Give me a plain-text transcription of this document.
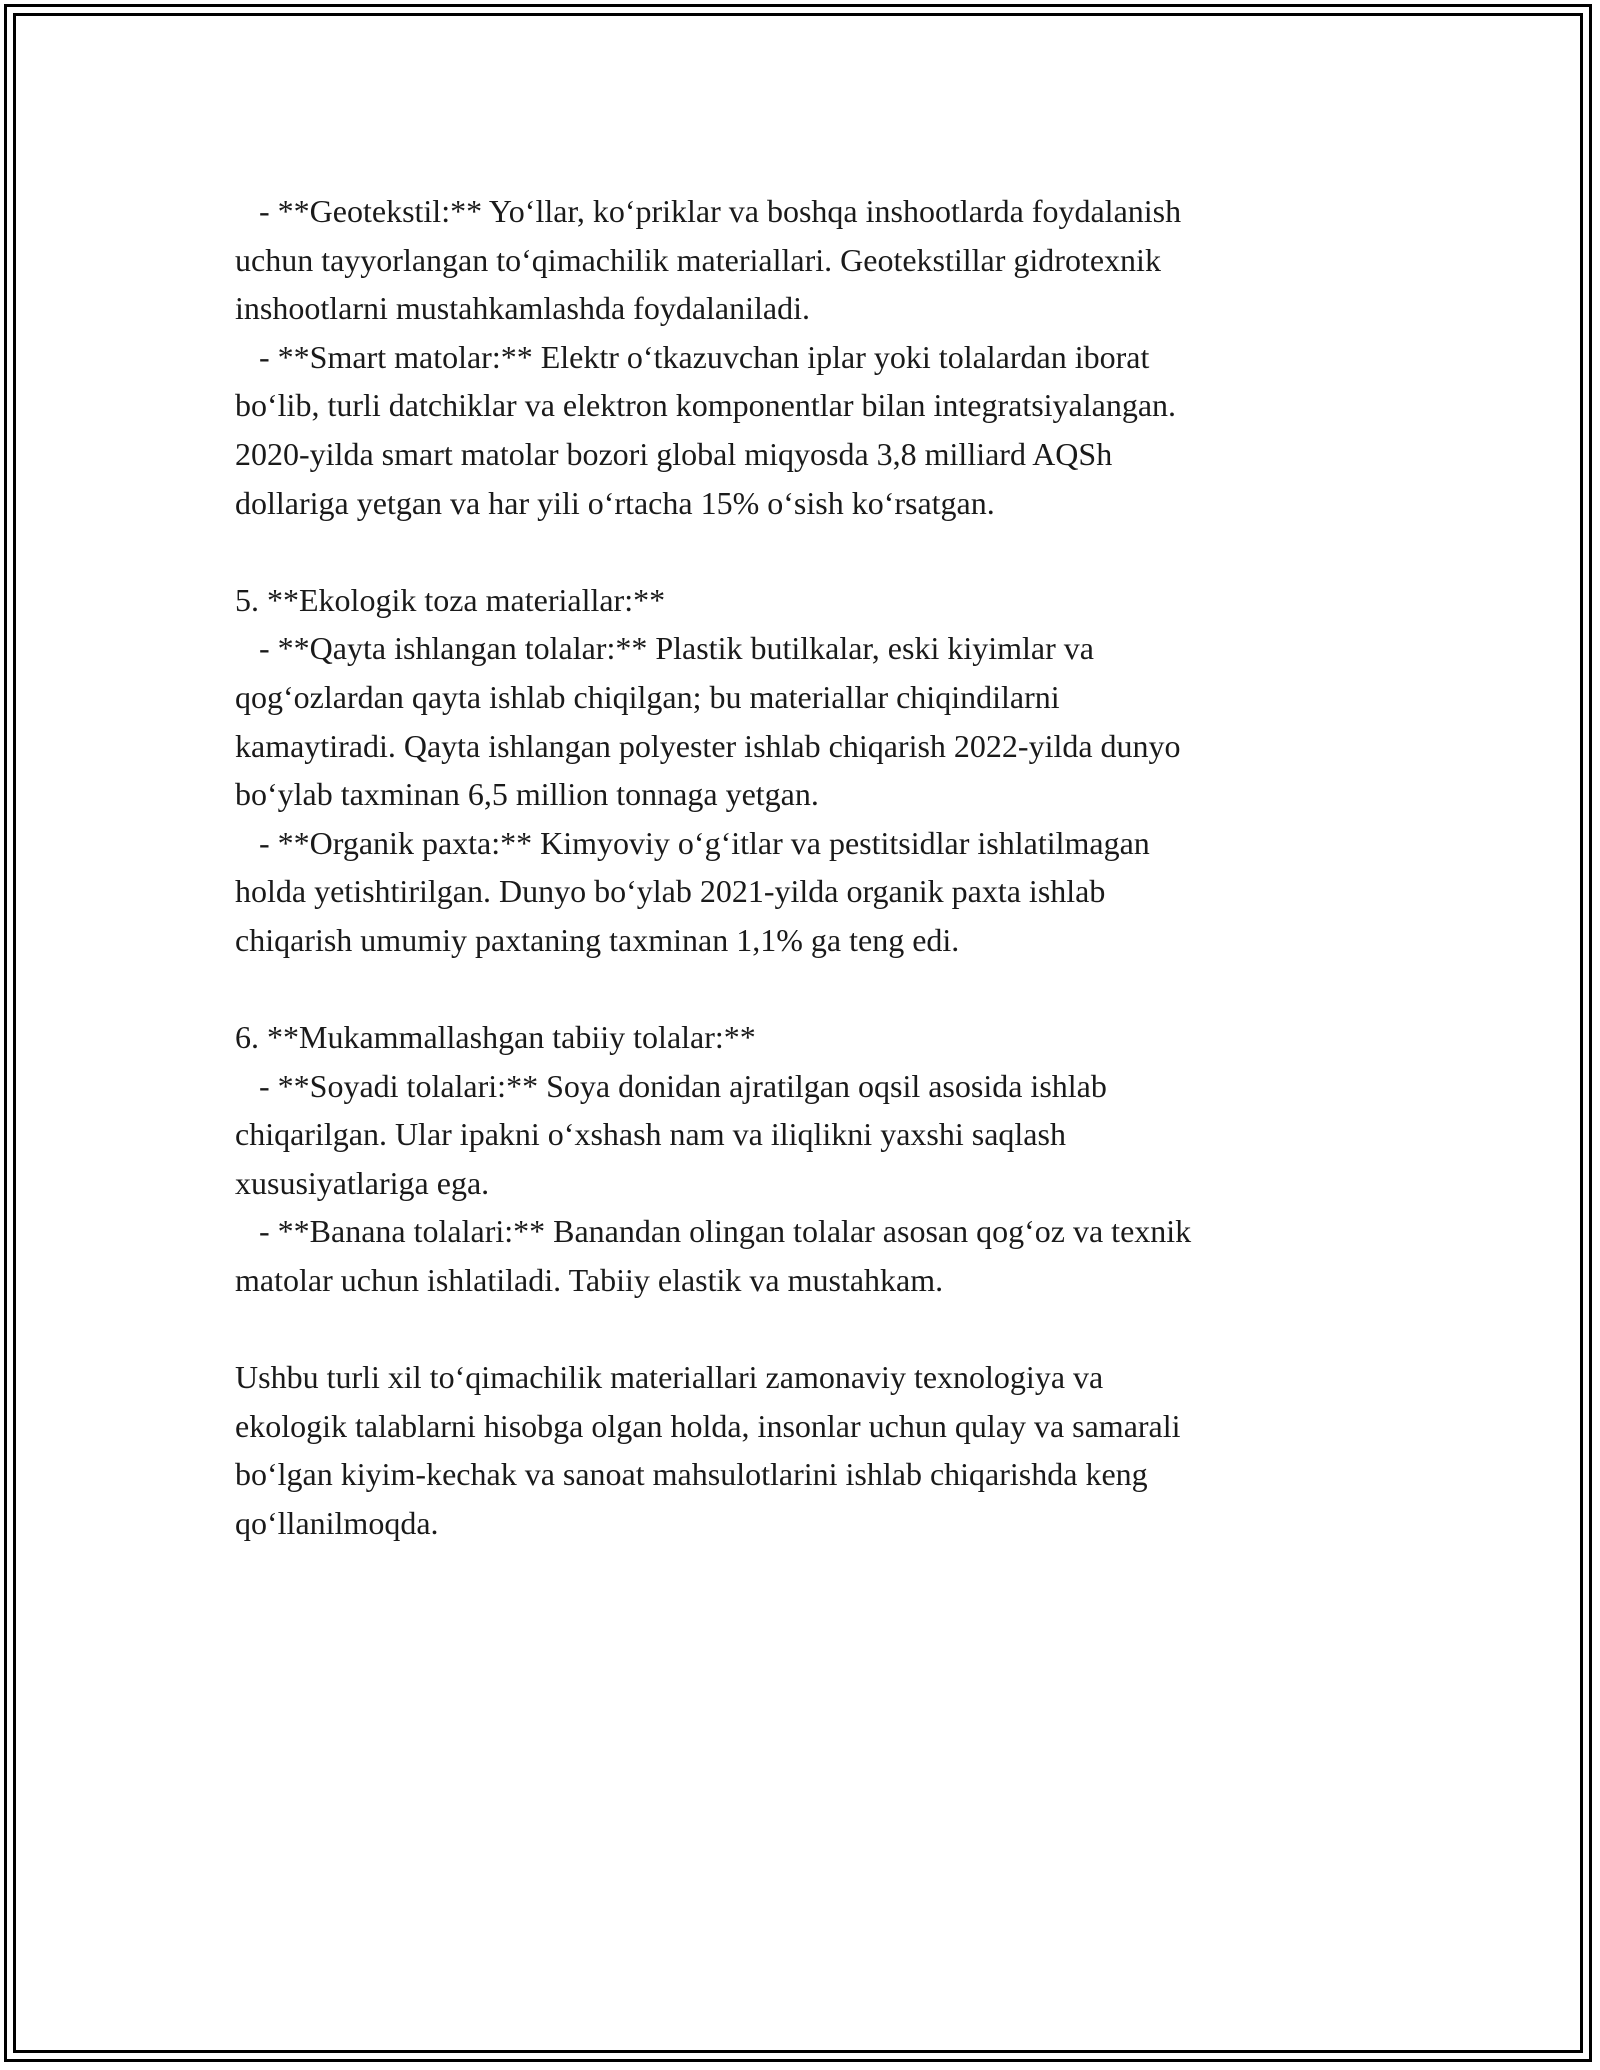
- **Geotekstil:** Yo‘llar, ko‘priklar va boshqa inshootlarda foydalanish
uchun tayyorlangan to‘qimachilik materiallari. Geotekstillar gidrotexnik
inshootlarni mustahkamlashda foydalaniladi.
- **Smart matolar:** Elektr o‘tkazuvchan iplar yoki tolalardan iborat
bo‘lib, turli datchiklar va elektron komponentlar bilan integratsiyalangan.
2020-yilda smart matolar bozori global miqyosda 3,8 milliard AQSh
dollariga yetgan va har yili o‘rtacha 15% o‘sish ko‘rsatgan.
5. **Ekologik toza materiallar:**
- **Qayta ishlangan tolalar:** Plastik butilkalar, eski kiyimlar va
qog‘ozlardan qayta ishlab chiqilgan; bu materiallar chiqindilarni
kamaytiradi. Qayta ishlangan polyester ishlab chiqarish 2022-yilda dunyo
bo‘ylab taxminan 6,5 million tonnaga yetgan.
- **Organik paxta:** Kimyoviy o‘g‘itlar va pestitsidlar ishlatilmagan
holda yetishtirilgan. Dunyo bo‘ylab 2021-yilda organik paxta ishlab
chiqarish umumiy paxtaning taxminan 1,1% ga teng edi.
6. **Mukammallashgan tabiiy tolalar:**
- **Soyadi tolalari:** Soya donidan ajratilgan oqsil asosida ishlab
chiqarilgan. Ular ipakni o‘xshash nam va iliqlikni yaxshi saqlash
xususiyatlariga ega.
- **Banana tolalari:** Banandan olingan tolalar asosan qog‘oz va texnik
matolar uchun ishlatiladi. Tabiiy elastik va mustahkam.
Ushbu turli xil to‘qimachilik materiallari zamonaviy texnologiya va
ekologik talablarni hisobga olgan holda, insonlar uchun qulay va samarali
bo‘lgan kiyim-kechak va sanoat mahsulotlarini ishlab chiqarishda keng
qo‘llanilmoqda.
